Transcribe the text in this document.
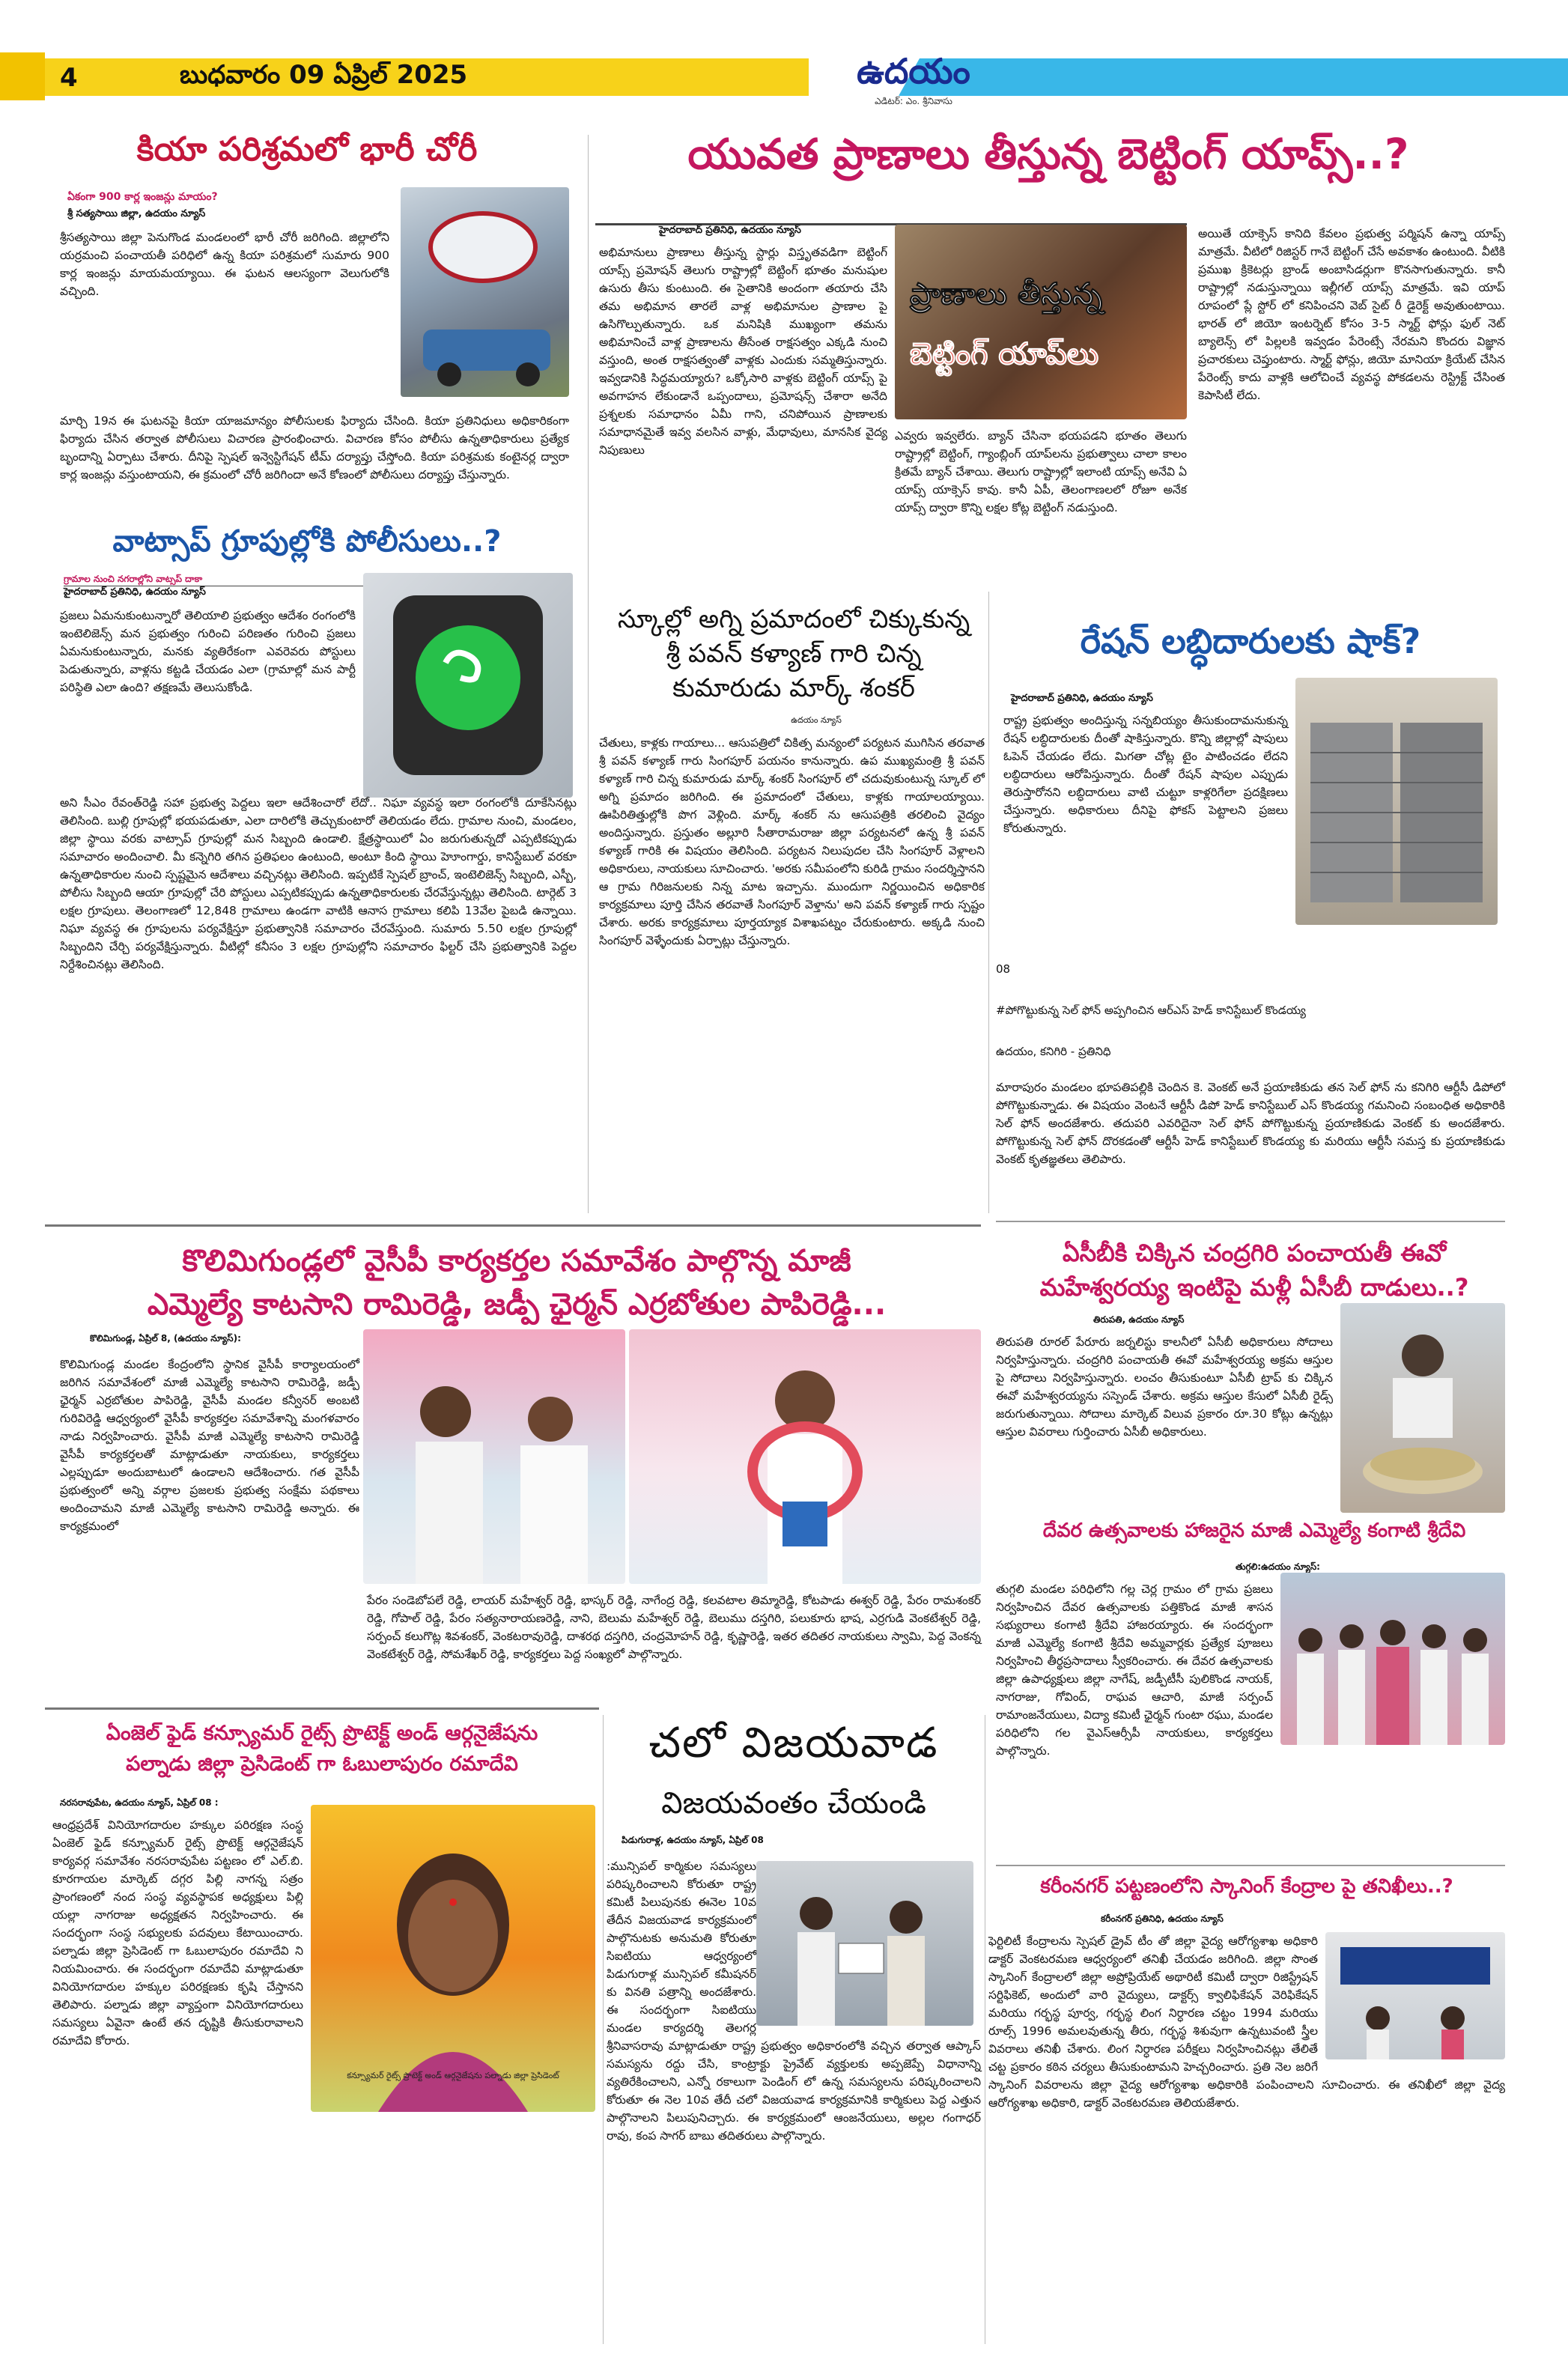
4	బుధవారం 09 ఏప్రిల్ 2025	ఉదయం
ఎడిటర్: ఎం. శ్రీనివాసు
కియా పరిశ్రమలో భారీ చోరీ
ఏకంగా 900 కార్ల ఇంజన్లు మాయం?
శ్రీ సత్యసాయి జిల్లా, ఉదయం న్యూస్
శ్రీసత్యసాయి జిల్లా పెనుగొండ మండలంలో భారీ చోరీ జరిగింది. జిల్లాలోని యర్రమంచి పంచాయతీ పరిధిలో ఉన్న కియా పరిశ్రమలో సుమారు 900 కార్ల ఇంజన్లు మాయమయ్యాయి. ఈ ఘటన ఆలస్యంగా వెలుగులోకి వచ్చింది.
మార్చి 19న ఈ ఘటనపై కియా యాజమాన్యం పోలీసులకు ఫిర్యాదు చేసింది. కియా ప్రతినిధులు అధికారికంగా ఫిర్యాదు చేసిన తర్వాత పోలీసులు విచారణ ప్రారంభించారు. విచారణ కోసం పోలీసు ఉన్నతాధికారులు ప్రత్యేక బృందాన్ని ఏర్పాటు చేశారు. దీనిపై స్పెషల్ ఇన్వెస్టిగేషన్ టీమ్ దర్యాప్తు చేస్తోంది. కియా పరిశ్రమకు కంటైనర్ల ద్వారా కార్ల ఇంజన్లు వస్తుంటాయని, ఈ క్రమంలో చోరీ జరిగిందా అనే కోణంలో పోలీసులు దర్యాప్తు చేస్తున్నారు.
వాట్సాప్ గ్రూపుల్లోకి పోలీసులు..?
గ్రామాల నుంచి నగరాల్లోని వాట్సప్ దాకా
హైదరాబాద్ ప్రతినిధి, ఉదయం న్యూస్
ప్రజలు ఏమనుకుంటున్నారో తెలియాలి ప్రభుత్వం ఆదేశం రంగంలోకి ఇంటెలిజెన్స్ మన ప్రభుత్వం గురించి పరిణతం గురించి ప్రజలు ఏమనుకుంటున్నారు, మనకు వ్యతిరేకంగా ఎవరెవరు పోస్టులు పెడుతున్నారు, వాళ్లను కట్టడి చేయడం ఎలా (గ్రామాల్లో మన పార్టీ పరిస్థితి ఎలా ఉంది? తక్షణమే తెలుసుకోండి.
అని సీఎం రేవంత్‌రెడ్డి సహా ప్రభుత్వ పెద్దలు ఇలా ఆదేశించారో లేదో.. నిఘా వ్యవస్థ ఇలా రంగంలోకి దూకేసినట్లు తెలిసింది. బుల్లి గ్రూపుల్లో భయపడుతూ, ఎలా దారిలోకి తెచ్చుకుంటారో తెలియడం లేదు. గ్రామాల నుంచి, మండలం, జిల్లా స్థాయి వరకు వాట్సాప్ గ్రూపుల్లో మన సిబ్బంది ఉండాలి. క్షేత్రస్థాయిలో ఏం జరుగుతున్నదో ఎప్పటికప్పుడు సమాచారం అందించాలి. మీ కన్నెగిరి తగిన ప్రతిఫలం ఉంటుంది, అంటూ కింది స్థాయి హెూంగార్డు, కానిస్టేబుల్ వరకూ ఉన్నతాధికారుల నుంచి స్పష్టమైన ఆదేశాలు వచ్చినట్లు తెలిసింది. ఇప్పటికే స్పెషల్ బ్రాంచ్, ఇంటెలిజెన్స్ సిబ్బంది, ఎస్బీ, పోలీసు సిబ్బంది ఆయా గ్రూపుల్లో చేరి పోస్టులు ఎప్పటికప్పుడు ఉన్నతాధికారులకు చేరవేస్తున్నట్లు తెలిసింది. టార్గెట్ 3 లక్షల గ్రూపులు. తెలంగాణలో 12,848 గ్రామాలు ఉండగా వాటికి ఆనాస గ్రామాలు కలిపి 13వేల పైబడి ఉన్నాయి. నిఘా వ్యవస్థ ఈ గ్రూపులను పర్యవేక్షిస్తూ ప్రభుత్వానికి సమాచారం చేరవేస్తుంది. సుమారు 5.50 లక్షల గ్రూపుల్లో సిబ్బందిని చేర్చి పర్యవేక్షిస్తున్నారు. వీటిల్లో కనీసం 3 లక్షల గ్రూపుల్లోని సమాచారం ఫిల్టర్ చేసి ప్రభుత్వానికి పెద్దల నిర్దేశించినట్లు తెలిసింది.
యువత ప్రాణాలు తీస్తున్న బెట్టింగ్ యాప్స్..?
హైదరాబాద్ ప్రతినిధి, ఉదయం న్యూస్
అభిమానులు ప్రాణాలు తీస్తున్న స్టార్లు విస్తృతవడిగా బెట్టింగ్ యాప్స్ ప్రమోషన్ తెలుగు రాష్ట్రాల్లో బెట్టింగ్ భూతం మనుషుల ఉసురు తీసు కుంటుంది. ఈ సైతానికి అందంగా తయారు చేసి తమ అభిమాన తారలే వాళ్ల అభిమానుల ప్రాణాల పై ఉసిగొల్పుతున్నారు. ఒక మనిషికి ముఖ్యంగా తమను అభిమానించే వాళ్ల ప్రాణాలను తీసేంత రాక్షసత్వం ఎక్కడి నుంచి వస్తుంది, అంత రాక్షసత్వంతో వాళ్లకు ఎందుకు సమ్మతిస్తున్నారు. ఇవ్వడానికి సిద్ధమయ్యారు? ఒక్కోసారి వాళ్లకు బెట్టింగ్ యాప్స్ పై అవగాహన లేకుండానే ఒప్పందాలు, ప్రమోషన్స్ చేశారా అనేది ప్రశ్నలకు సమాధానం ఏమీ గాని, చనిపోయిన ప్రాణాలకు సమాధానమైతే ఇవ్వ వలసిన వాళ్లు, మేధావులు, మానసిక వైద్య నిపుణులు
ప్రాణాలు తీస్తున్న
బెట్టింగ్ యాప్‌లు
ఎవ్వరు ఇవ్వలేరు. బ్యాన్ చేసినా భయపడని భూతం తెలుగు రాష్ట్రాల్లో బెట్టింగ్, గ్యాంబ్లింగ్ యాప్‌లను ప్రభుత్వాలు చాలా కాలం క్రితమే బ్యాన్ చేశాయి. తెలుగు రాష్ట్రాల్లో ఇలాంటి యాప్స్ అనేవి ఏ యాప్స్ యాక్సెస్ కావు. కానీ ఏపీ, తెలంగాణలలో రోజూ అనేక యాప్స్ ద్వారా కొన్ని లక్షల కోట్ల బెట్టింగ్ నడుస్తుంది.
అయితే యాక్సెస్ కానిది కేవలం ప్రభుత్వ పర్మిషన్ ఉన్నా యాప్స్ మాత్రమే. వీటిలో రిజిస్టర్ గానే బెట్టింగ్ చేసే అవకాశం ఉంటుంది. వీటికి ప్రముఖ క్రికెటర్లు బ్రాండ్ అంబాసిడర్లుగా కొనసాగుతున్నారు. కానీ రాష్ట్రాల్లో నడుస్తున్నాయి ఇల్లీగల్ యాప్స్ మాత్రమే. ఇవి యాప్ రూపంలో ప్లే స్టోర్ లో కనిపించని వెబ్ సైట్ రీ డైరెక్ట్ అవుతుంటాయి. భారత్ లో జియో ఇంటర్నెట్ కోసం 3-5 స్మార్ట్ ఫోన్లు ఫుల్ నెట్ బ్యాలెన్స్ లో పిల్లలకి ఇవ్వడం పేరెంట్సే నేరమని కొందరు విజ్ఞాన ప్రచారకులు చెప్తుంటారు. స్మార్ట్ ఫోన్లు, జియో మానియా క్రియేట్ చేసిన పేరెంట్స్ కాదు వాళ్లకి ఆలోచించే వ్యవస్థ పోకడలను రెస్ట్రిక్ట్ చేసింత కెపాసిటీ లేదు.
స్కూల్లో అగ్ని ప్రమాదంలో చిక్కుకున్న
శ్రీ పవన్ కళ్యాణ్ గారి చిన్న
కుమారుడు మార్క్ శంకర్
ఉదయం న్యూస్
చేతులు, కాళ్లకు గాయాలు... ఆసుపత్రిలో చికిత్స మన్యంలో పర్యటన ముగిసిన తరవాత శ్రీ పవన్ కళ్యాణ్ గారు సింగపూర్ పయనం కానున్నారు. ఉప ముఖ్యమంత్రి శ్రీ పవన్ కళ్యాణ్ గారి చిన్న కుమారుడు మార్క్ శంకర్ సింగపూర్ లో చదువుకుంటున్న స్కూల్ లో అగ్ని ప్రమాదం జరిగింది. ఈ ప్రమాదంలో చేతులు, కాళ్లకు గాయాలయ్యాయి. ఊపిరితిత్తుల్లోకి పొగ వెళ్లింది. మార్క్ శంకర్ ను ఆసుపత్రికి తరలించి వైద్యం అందిస్తున్నారు. ప్రస్తుతం అల్లూరి సీతారామరాజు జిల్లా పర్యటనలో ఉన్న శ్రీ పవన్ కళ్యాణ్ గారికి ఈ విషయం తెలిసింది. పర్యటన నిలుపుదల చేసి సింగపూర్ వెళ్లాలని అధికారులు, నాయకులు సూచించారు. 'అరకు సమీపంలోని కురిడి గ్రామం సందర్శిస్తానని ఆ గ్రామ గిరిజనులకు నిన్న మాట ఇచ్చాను. ముందుగా నిర్ణయించిన అధికారిక కార్యక్రమాలు పూర్తి చేసిన తరవాతే సింగపూర్ వెళ్తాను' అని పవన్ కళ్యాణ్ గారు స్పష్టం చేశారు. అరకు కార్యక్రమాలు పూర్తయ్యాక విశాఖపట్నం చేరుకుంటారు. అక్కడి నుంచి సింగపూర్ వెళ్ళేందుకు ఏర్పాట్లు చేస్తున్నారు.
రేషన్ లబ్ధిదారులకు షాక్?
హైదరాబాద్ ప్రతినిధి, ఉదయం న్యూస్
రాష్ట్ర ప్రభుత్వం అందిస్తున్న సన్నబియ్యం తీసుకుందామనుకున్న రేషన్ లబ్ధిదారులకు దీంతో షాకిస్తున్నారు. కొన్ని జిల్లాల్లో షాపులు ఓపెన్ చేయడం లేదు. మిగతా చోట్ల టైం పాటించడం లేదని లబ్ధిదారులు ఆరోపిస్తున్నారు. దీంతో రేషన్ షాపుల ఎప్పుడు తెరుస్తారోనని లబ్ధిదారులు వాటి చుట్టూ కాళ్లరిగేలా ప్రదక్షిణలు చేస్తున్నారు. అధికారులు దీనిపై ఫోకస్ పెట్టాలని ప్రజలు కోరుతున్నారు.
08
#పోగొట్టుకున్న సెల్ ఫోన్ అప్పగించిన ఆర్ఎస్ హెడ్ కానిస్టేబుల్ కొండయ్య
ఉదయం, కనిగిరి - ప్రతినిధి
మారాపురం మండలం భూపతిపల్లికి చెందిన కె. వెంకట్ అనే ప్రయాణికుడు తన సెల్ ఫోన్ ను కనిగిరి ఆర్టీసీ డిపోలో పోగొట్టుకున్నాడు. ఈ విషయం వెంటనే ఆర్టీసీ డిపో హెడ్ కానిస్టేబుల్ ఎస్ కొండయ్య గమనించి సంబంధిత అధికారికి సెల్ ఫోన్ అందజేశారు. తదుపరి ఎవరిదైనా సెల్ ఫోన్ పోగొట్టుకున్న ప్రయాణికుడు వెంకట్ కు అందజేశారు. పోగొట్టుకున్న సెల్ ఫోన్ దొరకడంతో ఆర్టీసీ హెడ్ కానిస్టేబుల్ కొండయ్య కు మరియు ఆర్టీసీ సమస్త కు ప్రయాణికుడు వెంకట్ కృతజ్ఞతలు తెలిపారు.
కొలిమిగుండ్లలో వైసీపీ కార్యకర్తల సమావేశం పాల్గొన్న మాజీ
ఎమ్మెల్యే కాటసాని రామిరెడ్డి, జడ్పీ ఛైర్మన్ ఎర్రబోతుల పాపిరెడ్డి...
కొలిమిగుండ్ల, ఏప్రిల్ 8, (ఉదయం న్యూస్):
కొలిమిగుండ్ల మండల కేంద్రంలోని స్థానిక వైసీపీ కార్యాలయంలో జరిగిన సమావేశంలో మాజీ ఎమ్మెల్యే కాటసాని రామిరెడ్డి, జడ్పీ ఛైర్మన్ ఎర్రబోతుల పాపిరెడ్డి, వైసీపీ మండల కన్వీనర్ అంబటి గురివిరెడ్డి ఆధ్వర్యంలో వైసీపీ కార్యకర్తల సమావేశాన్ని మంగళవారం నాడు నిర్వహించారు. వైసీపీ మాజీ ఎమ్మెల్యే కాటసాని రామిరెడ్డి వైసీపీ కార్యకర్తలతో మాట్లాడుతూ నాయకులు, కార్యకర్తలు ఎల్లప్పుడూ అందుబాటులో ఉండాలని ఆదేశించారు. గత వైసీపీ ప్రభుత్వంలో అన్ని వర్గాల ప్రజలకు ప్రభుత్వ సంక్షేమ పథకాలు అందించామని మాజీ ఎమ్మెల్యే కాటసాని రామిరెడ్డి అన్నారు. ఈ కార్యక్రమంలో
పేరం సండెబోపలే రెడ్డి, లాయర్ మహేశ్వర్ రెడ్డి, భాస్కర్ రెడ్డి, నాగేంద్ర రెడ్డి, కలవటాల తిమ్మారెడ్డి, కోటపాడు ఈశ్వర్ రెడ్డి, పేరం రామశంకర్ రెడ్డి, గోపాల్ రెడ్డి, పేరం సత్యనారాయణరెడ్డి, నాని, బెలుమ మహేశ్వర్ రెడ్డి, బెలుము దస్తగిరి, పలుకూరు భాష, ఎర్రగుడి వెంకటేశ్వర్ రెడ్డి, సర్పంచ్ కలుగొట్ల శివశంకర్, వెంకటరావురెడ్డి, దాశరథ దస్తగిరి, చంద్రమోహన్ రెడ్డి, కృష్ణారెడ్డి, ఇతర తదితర నాయకులు స్వామి, పెద్ద వెంకన్న వెంకటేశ్వర్ రెడ్డి, సోమశేఖర్ రెడ్డి, కార్యకర్తలు పెద్ద సంఖ్యలో పాల్గొన్నారు.
ఏసీబీకి చిక్కిన చంద్రగిరి పంచాయతీ ఈవో
మహేశ్వరయ్య ఇంటిపై మళ్లీ ఏసీబీ దాడులు..?
తిరుపతి, ఉదయం న్యూస్
తిరుపతి రూరల్ పేరూరు జర్నలిస్టు కాలనీలో ఏసీబీ అధికారులు సోదాలు నిర్వహిస్తున్నారు. చంద్రగిరి పంచాయతీ ఈవో మహేశ్వరయ్య అక్రమ ఆస్తుల పై సోదాలు నిర్వహిస్తున్నారు. లంచం తీసుకుంటూ ఏసీబీ ట్రాప్ కు చిక్కిన ఈవో మహేశ్వరయ్యను సస్పెండ్ చేశారు. అక్రమ ఆస్తుల కేసులో ఏసీబీ రైడ్స్ జరుగుతున్నాయి. సోదాలు మార్కెట్ విలువ ప్రకారం రూ.30 కోట్లు ఉన్నట్లు ఆస్తుల వివరాలు గుర్తించారు ఏసీబీ అధికారులు.
దేవర ఉత్సవాలకు హాజరైన మాజీ ఎమ్మెల్యే కంగాటి శ్రీదేవి
తుగ్గలి:ఉదయం న్యూస్:
తుగ్గలి మండల పరిధిలోని గల్ల చెర్ల గ్రామం లో గ్రామ ప్రజలు నిర్వహించిన దేవర ఉత్సవాలకు పత్తికొండ మాజీ శాసన సభ్యురాలు కంగాటి శ్రీదేవి హాజరయ్యారు. ఈ సందర్భంగా మాజీ ఎమ్మెల్యే కంగాటి శ్రీదేవి అమ్మవార్లకు ప్రత్యేక పూజలు నిర్వహించి తీర్థప్రసాదాలు స్వీకరించారు. ఈ దేవర ఉత్సవాలకు జిల్లా ఉపాధ్యక్షులు జిల్లా నాగేష్, జడ్పీటీసీ పులికొండ నాయక్, నాగరాజు, గోవింద్, రాఘవ ఆచారి, మాజీ సర్పంచ్ రామాంజనేయులు, విద్యా కమిటీ ఛైర్మన్ గుంటా రఘు, మండల పరిధిలోని గల వైఎస్ఆర్సీపీ నాయకులు, కార్యకర్తలు పాల్గొన్నారు.
ఏంజెల్ ఫైడ్ కన్స్యూమర్ రైట్స్ ప్రొటెక్ట్ అండ్ ఆర్గనైజేషను
పల్నాడు జిల్లా ప్రెసిడెంట్ గా ఓబులాపురం రమాదేవి
నరసరావుపేట, ఉదయం న్యూస్, ఏప్రిల్ 08 :
ఆంధ్రప్రదేశ్ వినియోగదారుల హక్కుల పరిరక్షణ సంస్థ ఏంజెల్ ఫైడ్ కన్స్యూమర్ రైట్స్ ప్రొటెక్ట్ ఆర్గనైజేషన్ కార్యవర్గ సమావేశం నరసరావుపేట పట్టణం లో ఎల్.బి. కూరగాయల మార్కెట్ దగ్గర పిల్లి నాగన్న సత్రం ప్రాంగణంలో నంద సంస్థ వ్యవస్థాపక అధ్యక్షులు పిల్లి యల్లా నాగరాజు అధ్యక్షతన నిర్వహించారు. ఈ సందర్భంగా సంస్థ సభ్యులకు పదవులు కేటాయించారు. పల్నాడు జిల్లా ప్రెసిడెంట్ గా ఓబులాపురం రమాదేవి ని నియమించారు. ఈ సందర్భంగా రమాదేవి మాట్లాడుతూ వినియోగదారుల హక్కుల పరిరక్షణకు కృషి చేస్తానని తెలిపారు. పల్నాడు జిల్లా వ్యాప్తంగా వినియోగదారులు సమస్యలు ఏవైనా ఉంటే తన దృష్టికి తీసుకురావాలని రమాదేవి కోరారు.
కన్స్యూమర్ రైట్స్ ప్రొటెక్ట్ అండ్ ఆర్గనైజేషను పల్నాడు జిల్లా ప్రెసిడెంట్
చలో విజయవాడ
విజయవంతం చేయండి
పిడుగురాళ్ల, ఉదయం న్యూస్, ఏప్రిల్ 08
:మున్సిపల్ కార్మికుల సమస్యలు పరిష్కరించాలని కోరుతూ రాష్ట్ర కమిటీ పిలుపునకు ఈనెల 10వ తేదీన విజయవాడ కార్యక్రమంలో పాల్గొనుటకు అనుమతి కోరుతూ సిఐటియు ఆధ్వర్యంలో పిడుగురాళ్ల మున్సిపల్ కమీషనర్ కు వినతి పత్రాన్ని అందజేశారు. ఈ సందర్భంగా సిఐటియు మండల కార్యదర్శి తెలగర్ల శ్రీనివాసరావు మాట్లాడుతూ రాష్ట్ర ప్రభుత్వం అధికారంలోకి వచ్చిన తర్వాత ఆప్కాస్ సమస్యను రద్దు చేసి, కాంట్రాక్టు ప్రైవేట్ వ్యక్తులకు అప్పజెప్పే విధానాన్ని వ్యతిరేకించాలని, ఎన్నో రకాలుగా పెండింగ్ లో ఉన్న సమస్యలను పరిష్కరించాలని కోరుతూ ఈ నెల 10వ తేదీ చలో విజయవాడ కార్యక్రమానికి కార్మికులు పెద్ద ఎత్తున పాల్గొనాలని పిలుపునిచ్చారు. ఈ కార్యక్రమంలో ఆంజనేయులు, అల్లల గంగాధర్ రావు, కంప సాగర్ బాబు తదితరులు పాల్గొన్నారు.
కరీంనగర్ పట్టణంలోని స్కానింగ్ కేంద్రాల పై తనిఖీలు..?
కరీంనగర్ ప్రతినిధి, ఉదయం న్యూస్
ఫెర్టిలిటీ కేంద్రాలను స్పెషల్ డ్రైవ్ టీం తో జిల్లా వైద్య ఆరోగ్యశాఖ అధికారి డాక్టర్ వెంకటరమణ ఆధ్వర్యంలో తనిఖీ చేయడం జరిగింది. జిల్లా సొంత స్కానింగ్ కేంద్రాలలో జిల్లా అప్రోప్రియేట్ అథారిటీ కమిటీ ద్వారా రిజిస్ట్రేషన్ సర్టిఫికెట్, అందులో వారి వైద్యులు, డాక్టర్స్ క్వాలిఫికేషన్ వెరిఫికేషన్ మరియు గర్భస్థ పూర్వ, గర్భస్థ లింగ నిర్ధారణ చట్టం 1994 మరియు రూల్స్ 1996 అమలవుతున్న తీరు, గర్భస్థ శిశువుగా ఉన్నటువంటి స్త్రీల వివరాలు తనిఖీ చేశారు. లింగ నిర్ధారణ పరీక్షలు నిర్వహించినట్లు తేలితే చట్ట ప్రకారం కఠిన చర్యలు తీసుకుంటామని హెచ్చరించారు. ప్రతి నెల జరిగే స్కానింగ్ వివరాలను జిల్లా వైద్య ఆరోగ్యశాఖ అధికారికి పంపించాలని సూచించారు. ఈ తనిఖీలో జిల్లా వైద్య ఆరోగ్యశాఖ అధికారి, డాక్టర్ వెంకటరమణ తెలియజేశారు.
